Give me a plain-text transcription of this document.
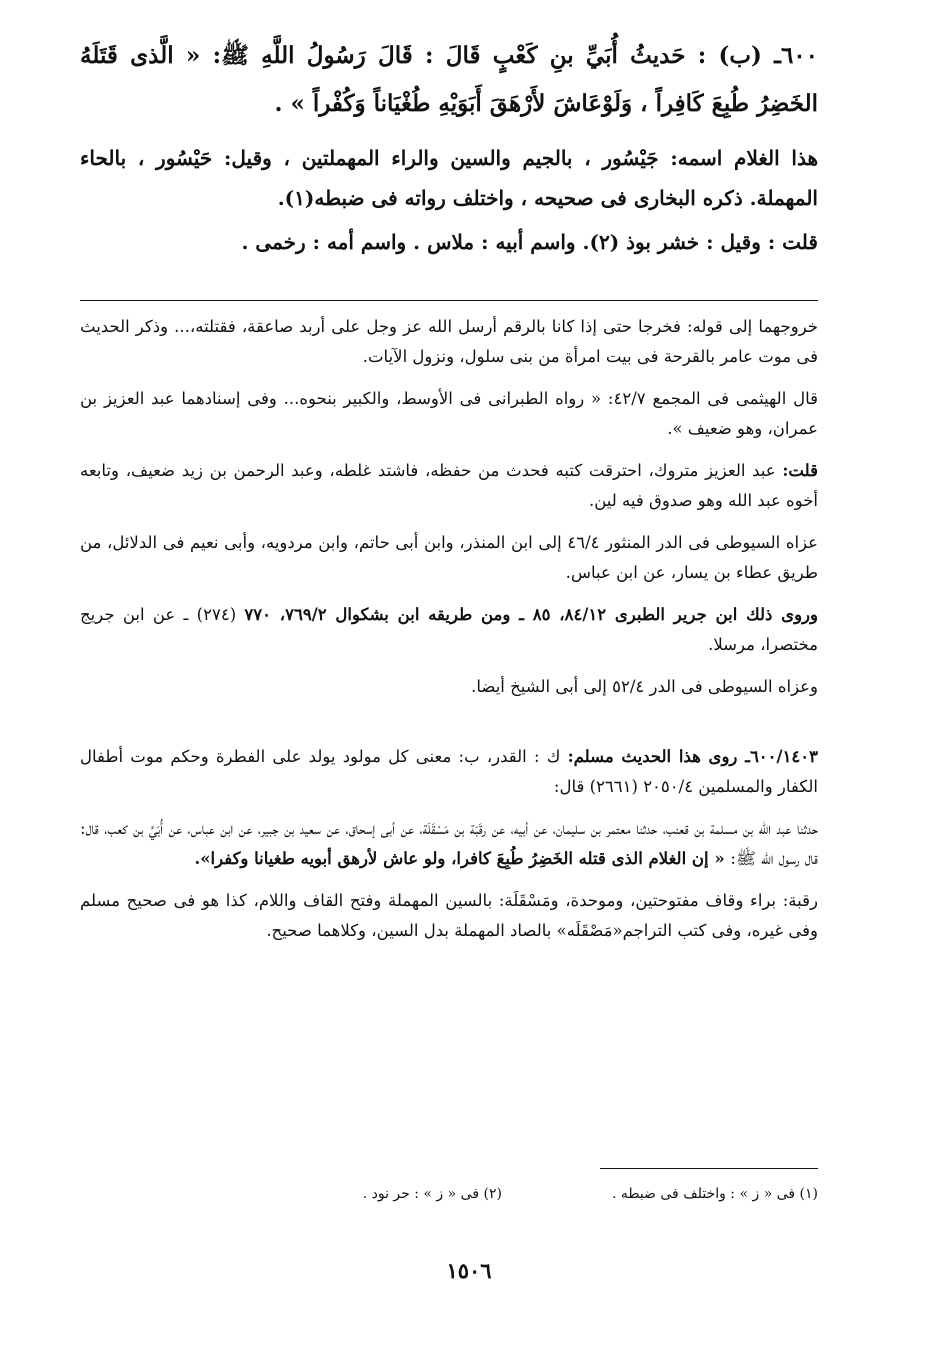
٦٠٠ـ (ب) : حَديثُ أُبَيِّ بنِ كَعْبٍ قَالَ : قَالَ رَسُولُ اللَّهِ ﷺ: « الَّذى قَتَلَهُ الخَضِرُ طُبِعَ كَافِراً ، وَلَوْعَاشَ لأَرْهَقَ أَبَوَيْهِ طُغْيَاناً وَكُفْراً » .

هذا الغلام اسمه: جَيْسُور ، بالجيم والسين والراء المهملتين ، وقيل: حَيْسُور ، بالحاء المهملة. ذكره البخارى فى صحيحه ، واختلف رواته فى ضبطه(١).

قلت : وقيل : خشر بوذ (٢). واسم أبيه : ملاس . واسم أمه : رخمى .

خروجهما إلى قوله: فخرجا حتى إذا كانا بالرقم أرسل الله عز وجل على أربد صاعقة، فقتلته،... وذكر الحديث فى موت عامر بالقرحة فى بيت امرأة من بنى سلول، ونزول الآيات.

قال الهيثمى فى المجمع ٤٢/٧: « رواه الطبرانى فى الأوسط، والكبير بنحوه... وفى إسنادهما عبد العزيز بن عمران، وهو ضعيف ».

قلت: عبد العزيز متروك، احترقت كتبه فحدث من حفظه، فاشتد غلطه، وعبد الرحمن بن زيد ضعيف، وتابعه أخوه عبد الله وهو صدوق فيه لين.

عزاه السيوطى فى الدر المنثور ٤٦/٤ إلى ابن المنذر، وابن أبى حاتم، وابن مردويه، وأبى نعيم فى الدلائل، من طريق عطاء بن يسار، عن ابن عباس.

وروى ذلك ابن جرير الطبرى ٨٤/١٢، ٨٥ ـ ومن طريقه ابن بشكوال ٧٦٩/٢، ٧٧٠ (٢٧٤) ـ عن ابن جريج مختصرا، مرسلا.

وعزاه السيوطى فى الدر ٥٢/٤ إلى أبى الشيخ أيضا.

٦٠٠/١٤٠٣ـ روى هذا الحديث مسلم: ك : القدر، ب: معنى كل مولود يولد على الفطرة وحكم موت أطفال الكفار والمسلمين ٢٠٥٠/٤ (٢٦٦١) قال:

حدثنا عبد الله بن مسلمة بن قعنب، حدثنا معتمر بن سليمان، عن أبيه، عن رقَبَة بن مَسْقَلَة، عن أبى إسحاق، عن سعيد بن جبير، عن ابن عباس، عن أُبَيِّ بن كعب، قال: قال رسول الله ﷺ: « إن الغلام الذى قتله الخَضِرُ طُبِعَ كافرا، ولو عاش لأرهق أبويه طغيانا وكفرا».

رقبة: براء وقاف مفتوحتين، وموحدة، ومَسْقَلَة: بالسين المهملة وفتح القاف واللام، كذا هو فى صحيح مسلم وفى غيره، وفى كتب التراجم«مَصْقَلَه» بالصاد المهملة بدل السين، وكلاهما صحيح.

(١) فى « ز » : واختلف فى ضبطه .
(٢) فى « ز » : حر نود .
١٥٠٦
